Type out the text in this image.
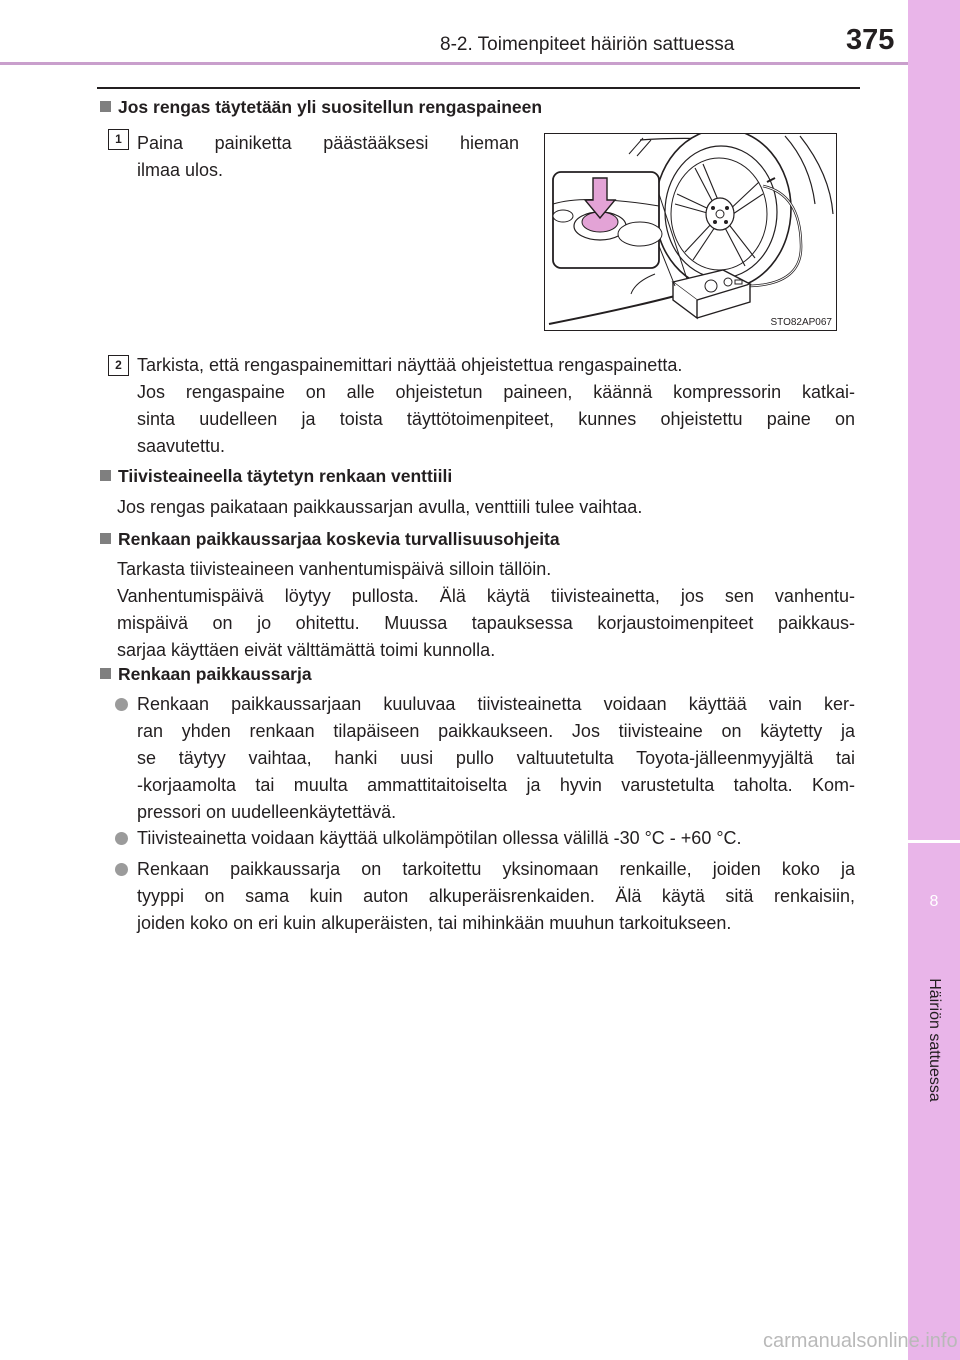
8-2. Toimenpiteet häiriön sattuessa	375
8
Häiriön sattuessa
Jos rengas täytetään yli suositellun rengaspaineen
1 Paina painiketta päästääksesi hieman
ilmaa ulos.
STO82AP067
2 Tarkista, että rengaspainemittari näyttää ohjeistettua rengaspainetta.
Jos rengaspaine on alle ohjeistetun paineen, käännä kompressorin katkai-
sinta uudelleen ja toista täyttötoimenpiteet, kunnes ohjeistettu paine on
saavutettu.
Tiivisteaineella täytetyn renkaan venttiili
Jos rengas paikataan paikkaussarjan avulla, venttiili tulee vaihtaa.
Renkaan paikkaussarjaa koskevia turvallisuusohjeita
Tarkasta tiivisteaineen vanhentumispäivä silloin tällöin.
Vanhentumispäivä löytyy pullosta. Älä käytä tiivisteainetta, jos sen vanhentu-
mispäivä on jo ohitettu. Muussa tapauksessa korjaustoimenpiteet paikkaus-
sarjaa käyttäen eivät välttämättä toimi kunnolla.
Renkaan paikkaussarja
Renkaan paikkaussarjaan kuuluvaa tiivisteainetta voidaan käyttää vain ker-
ran yhden renkaan tilapäiseen paikkaukseen. Jos tiivisteaine on käytetty ja
se täytyy vaihtaa, hanki uusi pullo valtuutetulta Toyota-jälleenmyyjältä tai
-korjaamolta tai muulta ammattitaitoiselta ja hyvin varustetulta taholta. Kom-
pressori on uudelleenkäytettävä.
Tiivisteainetta voidaan käyttää ulkolämpötilan ollessa välillä -30 °C - +60 °C.
Renkaan paikkaussarja on tarkoitettu yksinomaan renkaille, joiden koko ja
tyyppi on sama kuin auton alkuperäisrenkaiden. Älä käytä sitä renkaisiin,
joiden koko on eri kuin alkuperäisten, tai mihinkään muuhun tarkoitukseen.
carmanualsonline.info
